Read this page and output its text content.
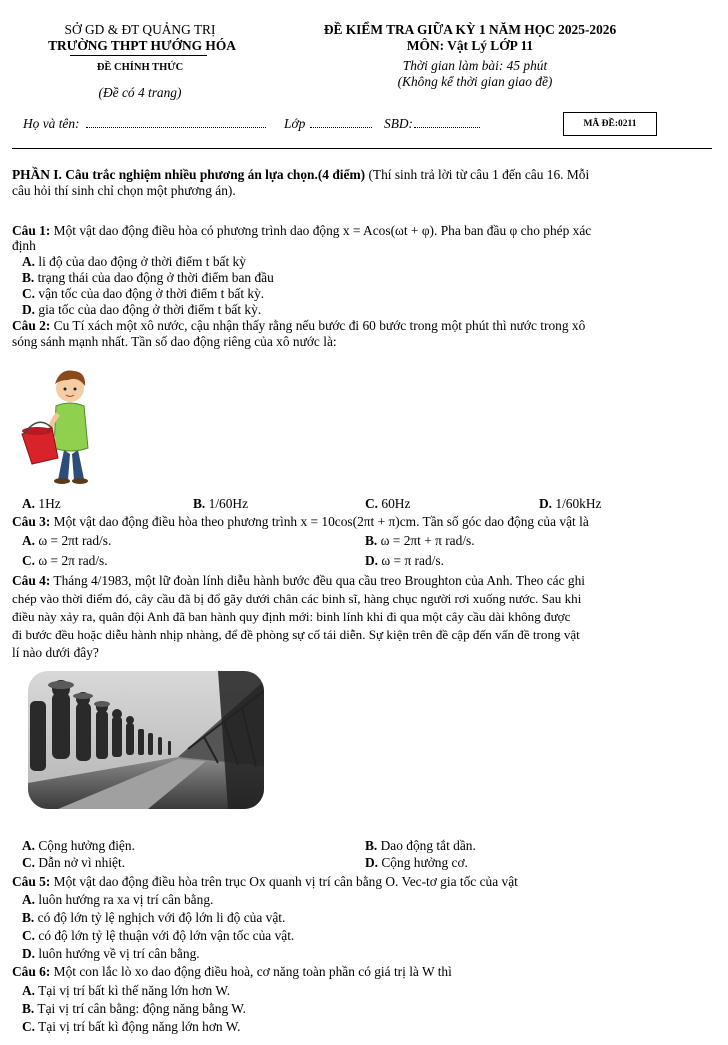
SỞ GD & ĐT QUẢNG TRỊ
TRƯỜNG THPT HƯỚNG HÓA
ĐỀ CHÍNH THỨC
(Đề có 4 trang)
ĐỀ KIỂM TRA GIỮA KỲ 1 NĂM HỌC 2025-2026
MÔN: Vật Lý LỚP 11
Thời gian làm bài: 45 phút
(Không kể thời gian giao đề)
Họ và tên:	Lớp	SBD:	MÃ ĐỀ:0211
PHẦN I. Câu trắc nghiệm nhiều phương án lựa chọn.(4 điểm) (Thí sinh trả lời từ câu 1 đến câu 16. Mỗi
câu hỏi thí sinh chỉ chọn một phương án).
Câu 1: Một vật dao động điều hòa có phương trình dao động x = Acos(ωt + φ). Pha ban đầu φ cho phép xác
định
A. li độ của dao động ở thời điểm t bất kỳ
B. trạng thái của dao động ở thời điểm ban đầu
C. vận tốc của dao động ở thời điểm t bất kỳ.
D. gia tốc của dao động ở thời điểm t bất kỳ.
Câu 2: Cu Tí xách một xô nước, cậu nhận thấy rằng nếu bước đi 60 bước trong một phút thì nước trong xô
sóng sánh mạnh nhất. Tần số dao động riêng của xô nước là:
A. 1Hz	B. 1/60Hz	C. 60Hz	D. 1/60kHz
Câu 3: Một vật dao động điều hòa theo phương trình x = 10cos(2πt + π)cm. Tần số góc dao động của vật là
A. ω = 2πt rad/s.	B. ω = 2πt + π rad/s.
C. ω = 2π rad/s.	D. ω = π rad/s.
Câu 4: Tháng 4/1983, một lữ đoàn lính diễu hành bước đều qua cầu treo Broughton của Anh. Theo các ghi
chép vào thời điểm đó, cây cầu đã bị đổ gãy dưới chân các binh sĩ, hàng chục người rơi xuống nước. Sau khi
điều này xảy ra, quân đội Anh đã ban hành quy định mới: binh lính khi đi qua một cây cầu dài không được
đi bước đều hoặc diễu hành nhịp nhàng, để đề phòng sự cố tái diễn. Sự kiện trên đề cập đến vấn đề trong vật
lí nào dưới đây?
A. Cộng hưởng điện.	B. Dao động tắt dần.
C. Dẫn nở vì nhiệt.	D. Cộng hưởng cơ.
Câu 5: Một vật dao động điều hòa trên trục Ox quanh vị trí cân bằng O. Vec-tơ gia tốc của vật
A. luôn hướng ra xa vị trí cân bằng.
B. có độ lớn tỷ lệ nghịch với độ lớn li độ của vật.
C. có độ lớn tỷ lệ thuận với độ lớn vận tốc của vật.
D. luôn hướng về vị trí cân bằng.
Câu 6: Một con lắc lò xo dao động điều hoà, cơ năng toàn phần có giá trị là W thì
A. Tại vị trí bất kì thế năng lớn hơn W.
B. Tại vị trí cân bằng: động năng bằng W.
C. Tại vị trí bất kì động năng lớn hơn W.
